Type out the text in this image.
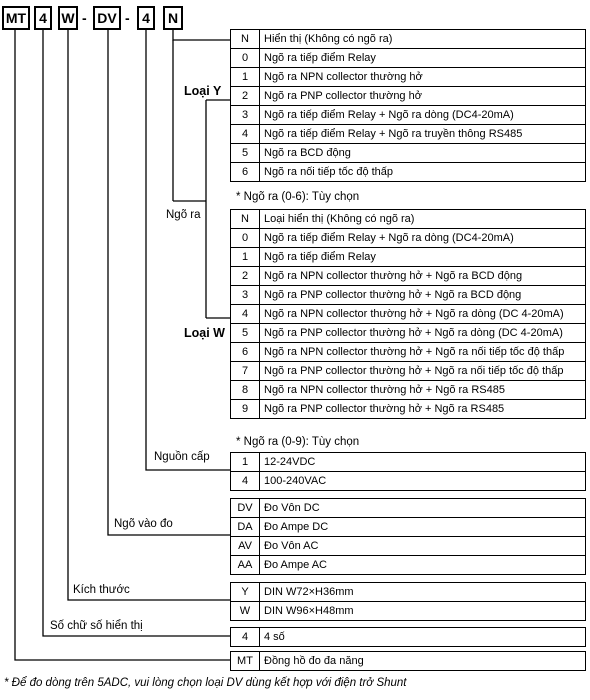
MT 4	W - DV - 4	N
Loại Y
Loại W
Ngõ ra
Nguồn cấp
Ngõ vào đo
Kích thước
Số chữ số hiển thị
N	Hiển thị (Không có ngõ ra)
0	Ngõ ra tiếp điểm Relay
1	Ngõ ra NPN collector thường hở
2	Ngõ ra PNP collector thường hở
3	Ngõ ra tiếp điểm Relay + Ngõ ra dòng (DC4-20mA)
4	Ngõ ra tiếp điểm Relay + Ngõ ra truyền thông RS485
5	Ngõ ra BCD động
6	Ngõ ra nối tiếp tốc độ thấp
* Ngõ ra (0-6): Tùy chọn
N	Loại hiển thị (Không có ngõ ra)
0	Ngõ ra tiếp điểm Relay + Ngõ ra dòng (DC4-20mA)
1	Ngõ ra tiếp điểm Relay
2	Ngõ ra NPN collector thường hở + Ngõ ra BCD động
3	Ngõ ra PNP collector thường hở + Ngõ ra BCD động
4	Ngõ ra NPN collector thường hở + Ngõ ra dòng (DC 4-20mA)
5	Ngõ ra PNP collector thường hở + Ngõ ra dòng (DC 4-20mA)
6	Ngõ ra NPN collector thường hở + Ngõ ra nối tiếp tốc độ thấp
7	Ngõ ra PNP collector thường hở + Ngõ ra nối tiếp tốc độ thấp
8	Ngõ ra NPN collector thường hở + Ngõ ra RS485
9	Ngõ ra PNP collector thường hở + Ngõ ra RS485
* Ngõ ra (0-9): Tùy chọn
1	12-24VDC
4	100-240VAC
DV	Đo Vôn DC
DA	Đo Ampe DC
AV	Đo Vôn AC
AA	Đo Ampe AC
Y	DIN W72×H36mm
W	DIN W96×H48mm
4	4 số
MT	Đồng hồ đo đa năng
* Để đo dòng trên 5ADC, vui lòng chọn loại DV dùng kết hợp với điện trở Shunt
